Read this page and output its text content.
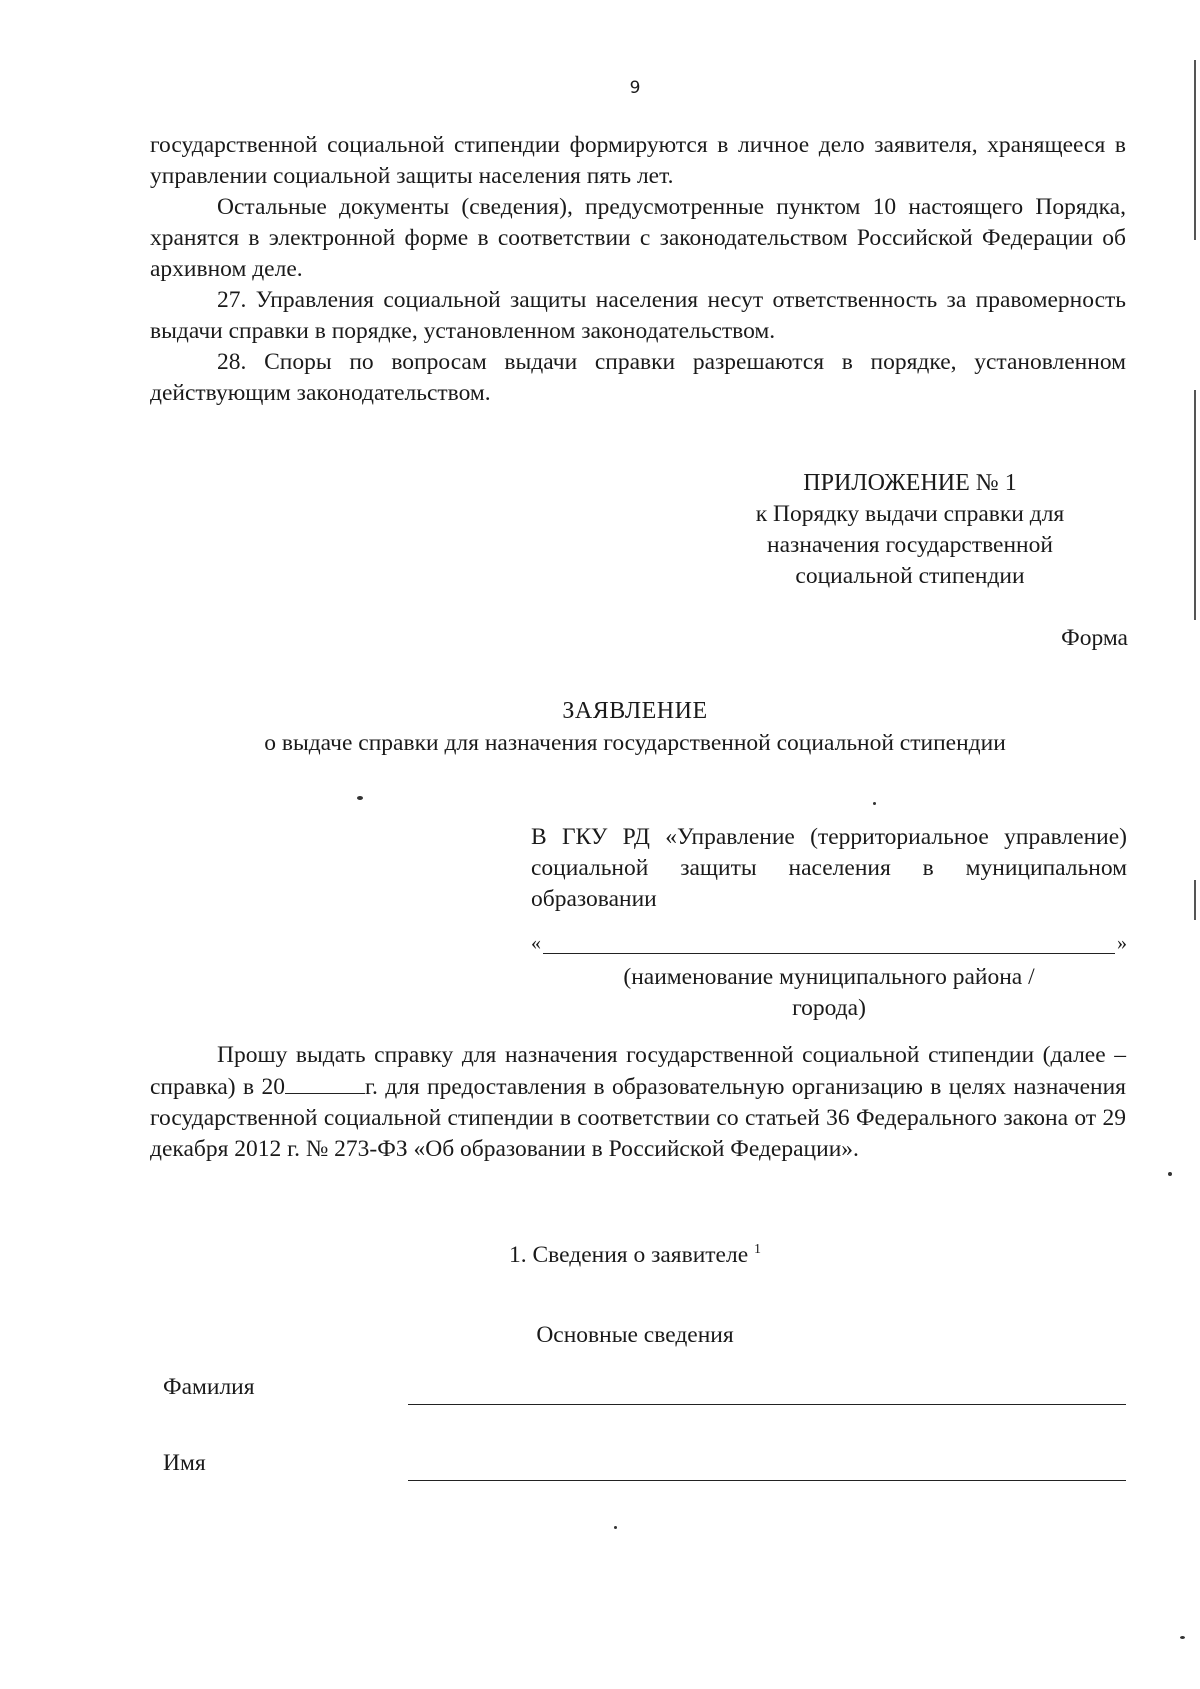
9

государственной социальной стипендии формируются в личное дело заявителя, хранящееся в управлении социальной защиты населения пять лет.

Остальные документы (сведения), предусмотренные пунктом 10 настоящего Порядка, хранятся в электронной форме в соответствии с законодательством Российской Федерации об архивном деле.

27. Управления социальной защиты населения несут ответственность за правомерность выдачи справки в порядке, установленном законодательством.

28. Споры по вопросам выдачи справки разрешаются в порядке, установленном действующим законодательством.

ПРИЛОЖЕНИЕ № 1
к Порядку выдачи справки для
назначения государственной
социальной стипендии
Форма
ЗАЯВЛЕНИЕ
о выдаче справки для назначения государственной социальной стипендии

В ГКУ РД «Управление (территориальное управление) социальной защиты населения в муниципальном образовании

«	»
(наименование муниципального района /
города)

Прошу выдать справку для назначения государственной социальной стипендии (далее – справка) в 20	г. для предоставления в образовательную организацию в целях назначения государственной социальной стипендии в соответствии со статьей 36 Федерального закона от 29 декабря 2012 г. № 273-ФЗ «Об образовании в Российской Федерации».

1. Сведения о заявителе $^1$
Основные сведения
Фамилия
Имя
